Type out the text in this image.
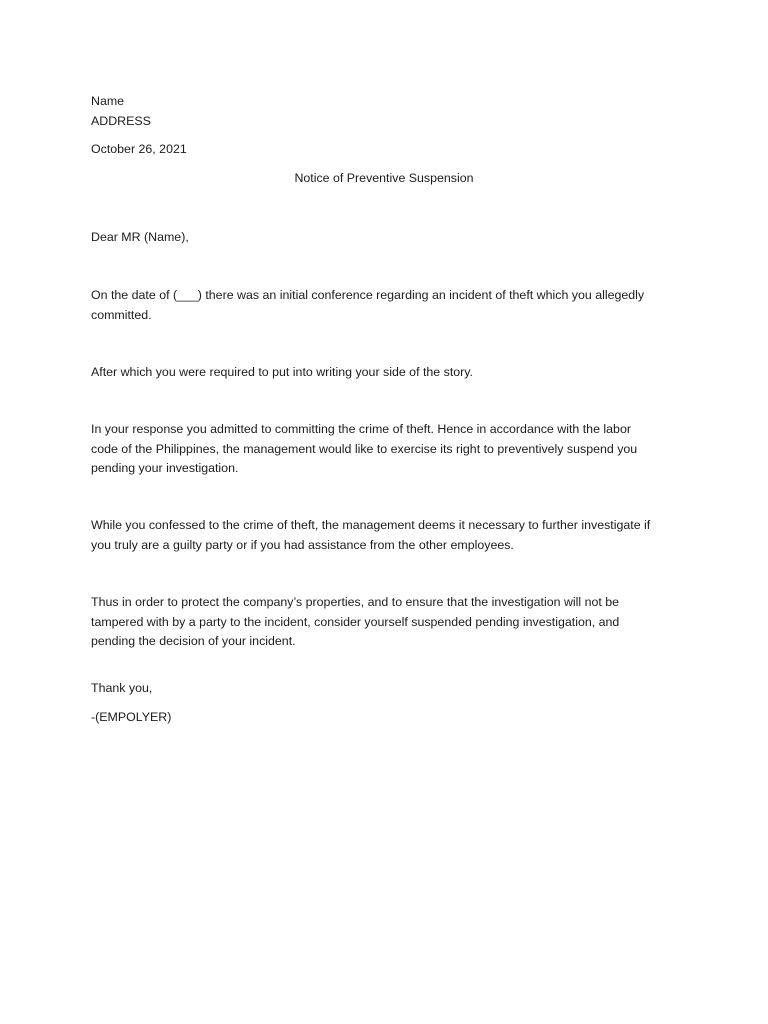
Name
ADDRESS
October 26, 2021
Notice of Preventive Suspension
Dear MR (Name),

On the date of (___) there was an initial conference regarding an incident of theft which you allegedly
committed.

After which you were required to put into writing your side of the story.

In your response you admitted to committing the crime of theft. Hence in accordance with the labor
code of the Philippines, the management would like to exercise its right to preventively suspend you
pending your investigation.

While you confessed to the crime of theft, the management deems it necessary to further investigate if
you truly are a guilty party or if you had assistance from the other employees.

Thus in order to protect the company’s properties, and to ensure that the investigation will not be
tampered with by a party to the incident, consider yourself suspended pending investigation, and
pending the decision of your incident.

Thank you,
-(EMPOLYER)
